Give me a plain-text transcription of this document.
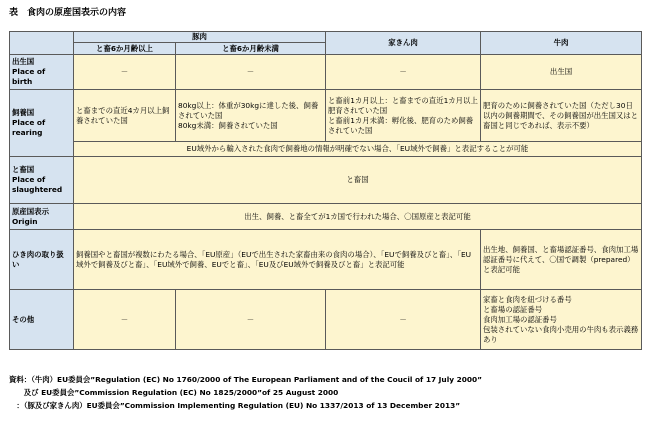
表　食肉の原産国表示の内容
	豚肉		家きん肉	牛肉
	と畜6か月齢以上	と畜6か月齢未満		
出生国
Place of
birth	－	－	－	出生国
飼養国
Place of
rearing	と畜までの直近4カ月以上飼養されていた国	80kg以上：体重が30kgに達した後、飼養されていた国
80kg未満：飼養されていた国	と畜前1カ月以上：と畜までの直近1カ月以上肥育されていた国
と畜前1カ月未満：孵化後、肥育のため飼養されていた国	肥育のために飼養されていた国（ただし30日以内の飼養期間で、その飼養国が出生国又はと畜国と同じであれば、表示不要）
	EU域外から輸入された食肉で飼養地の情報が明確でない場合、「EU域外で飼養」と表記することが可能			
と畜国
Place of
slaughtered	と畜国			
原産国表示
Origin	出生、飼養、と畜全てが1カ国で行われた場合、〇国原産と表記可能			
ひき肉の取り扱い	飼養国やと畜国が複数にわたる場合、「EU原産」（EUで出生された家畜由来の食肉の場合）、「EUで飼養及びと畜」、「EU域外で飼養及びと畜」、「EU域外で飼養、EUでと畜」、「EU及びEU域外で飼養及びと畜」と表記可能			出生地、飼養国、と畜場認証番号、食肉加工場認証番号に代えて、〇国で調製（prepared）と表記可能
その他	－	－	－	家畜と食肉を紐づける番号
と畜場の認証番号
食肉加工場の認証番号
包装されていない食肉小売用の牛肉も表示義務あり
資料：（牛肉）EU委員会”Regulation (EC) No 1760/2000 of The European Parliament and of the Coucil of 17 July 2000”
　　及び EU委員会”Commission Regulation (EC) No 1825/2000”of 25 August 2000
　：（豚及び家きん肉）EU委員会”Commission Implementing Regulation (EU) No 1337/2013 of 13 December 2013”
